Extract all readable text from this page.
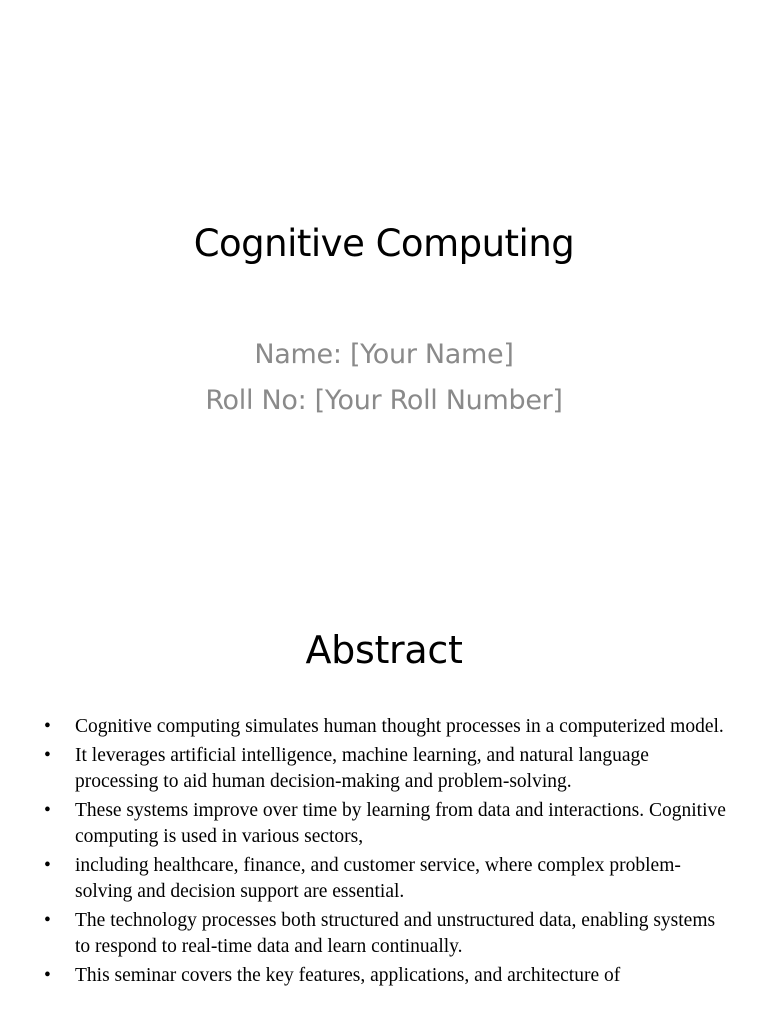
Cognitive Computing
Name: [Your Name]
Roll No: [Your Roll Number]
Abstract
• Cognitive computing simulates human thought processes in a computerized model.
• It leverages artificial intelligence, machine learning, and natural language processing to aid human decision-making and problem-solving.
• These systems improve over time by learning from data and interactions. Cognitive computing is used in various sectors,
• including healthcare, finance, and customer service, where complex problem-solving and decision support are essential.
• The technology processes both structured and unstructured data, enabling systems to respond to real-time data and learn continually.
• This seminar covers the key features, applications, and architecture of
